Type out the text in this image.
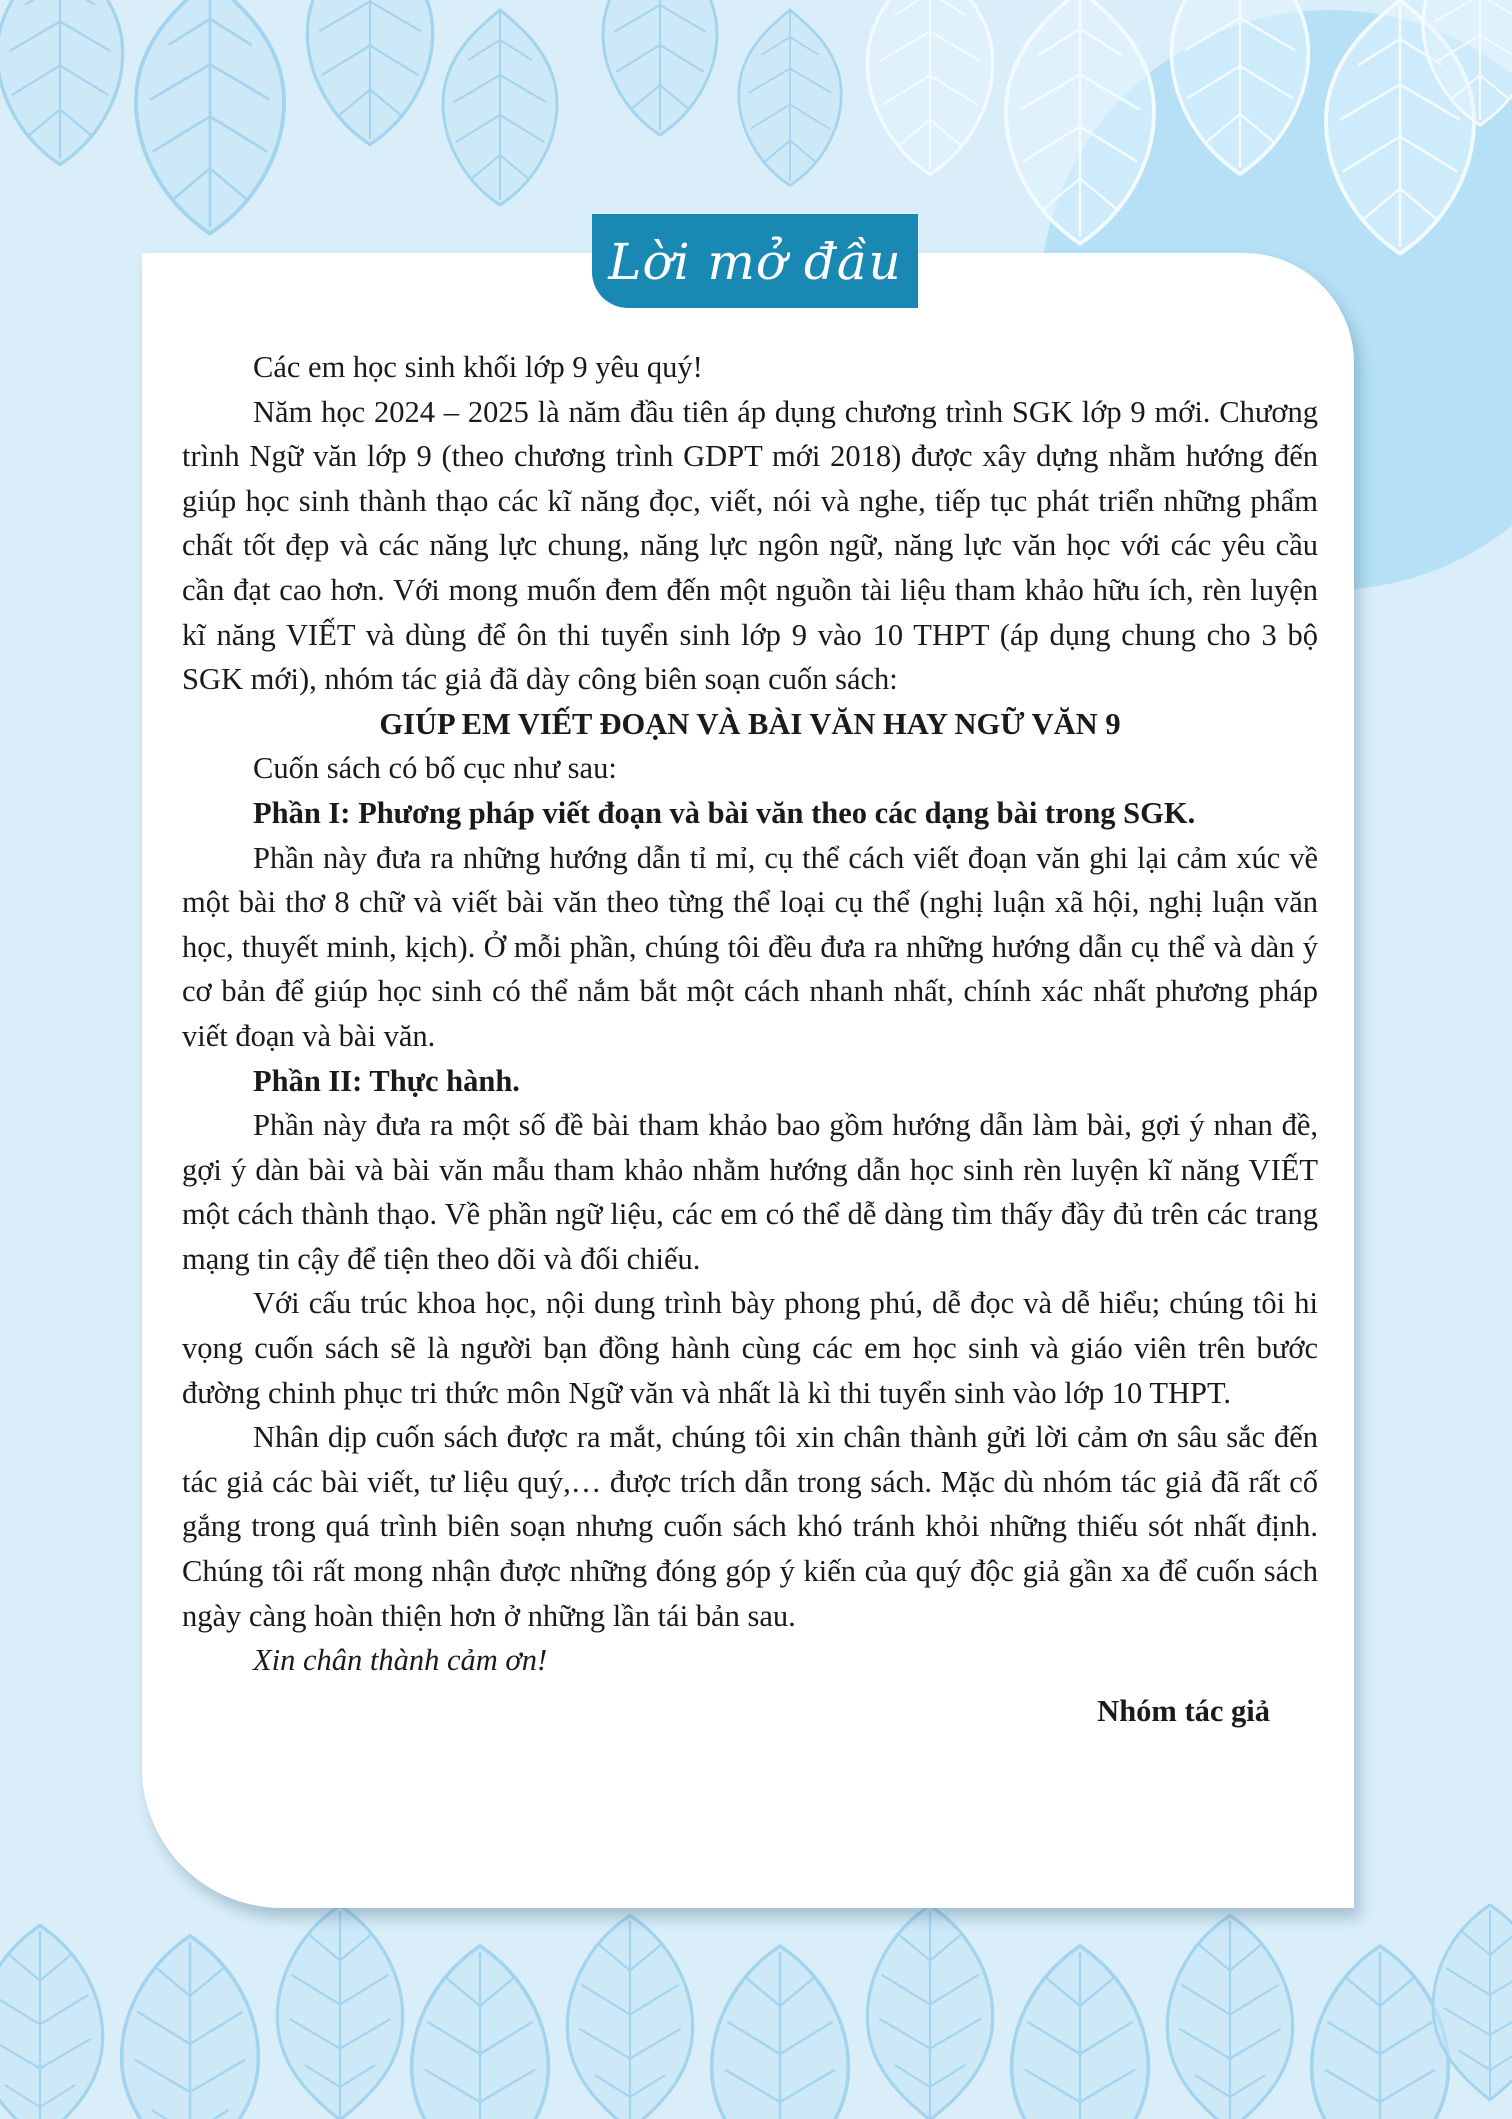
Lời mở đầu

Các em học sinh khối lớp 9 yêu quý!

Năm học 2024 – 2025 là năm đầu tiên áp dụng chương trình SGK lớp 9 mới. Chương trình Ngữ văn lớp 9 (theo chương trình GDPT mới 2018) được xây dựng nhằm hướng đến giúp học sinh thành thạo các kĩ năng đọc, viết, nói và nghe, tiếp tục phát triển những phẩm chất tốt đẹp và các năng lực chung, năng lực ngôn ngữ, năng lực văn học với các yêu cầu cần đạt cao hơn. Với mong muốn đem đến một nguồn tài liệu tham khảo hữu ích, rèn luyện kĩ năng VIẾT và dùng để ôn thi tuyển sinh lớp 9 vào 10 THPT (áp dụng chung cho 3 bộ SGK mới), nhóm tác giả đã dày công biên soạn cuốn sách:

GIÚP EM VIẾT ĐOẠN VÀ BÀI VĂN HAY NGỮ VĂN 9

Cuốn sách có bố cục như sau:

Phần I: Phương pháp viết đoạn và bài văn theo các dạng bài trong SGK.

Phần này đưa ra những hướng dẫn tỉ mỉ, cụ thể cách viết đoạn văn ghi lại cảm xúc về một bài thơ 8 chữ và viết bài văn theo từng thể loại cụ thể (nghị luận xã hội, nghị luận văn học, thuyết minh, kịch). Ở mỗi phần, chúng tôi đều đưa ra những hướng dẫn cụ thể và dàn ý cơ bản để giúp học sinh có thể nắm bắt một cách nhanh nhất, chính xác nhất phương pháp viết đoạn và bài văn.

Phần II: Thực hành.

Phần này đưa ra một số đề bài tham khảo bao gồm hướng dẫn làm bài, gợi ý nhan đề, gợi ý dàn bài và bài văn mẫu tham khảo nhằm hướng dẫn học sinh rèn luyện kĩ năng VIẾT một cách thành thạo. Về phần ngữ liệu, các em có thể dễ dàng tìm thấy đầy đủ trên các trang mạng tin cậy để tiện theo dõi và đối chiếu.

Với cấu trúc khoa học, nội dung trình bày phong phú, dễ đọc và dễ hiểu; chúng tôi hi vọng cuốn sách sẽ là người bạn đồng hành cùng các em học sinh và giáo viên trên bước đường chinh phục tri thức môn Ngữ văn và nhất là kì thi tuyển sinh vào lớp 10 THPT.

Nhân dịp cuốn sách được ra mắt, chúng tôi xin chân thành gửi lời cảm ơn sâu sắc đến tác giả các bài viết, tư liệu quý,… được trích dẫn trong sách. Mặc dù nhóm tác giả đã rất cố gắng trong quá trình biên soạn nhưng cuốn sách khó tránh khỏi những thiếu sót nhất định. Chúng tôi rất mong nhận được những đóng góp ý kiến của quý độc giả gần xa để cuốn sách ngày càng hoàn thiện hơn ở những lần tái bản sau.

Xin chân thành cảm ơn!

Nhóm tác giả
